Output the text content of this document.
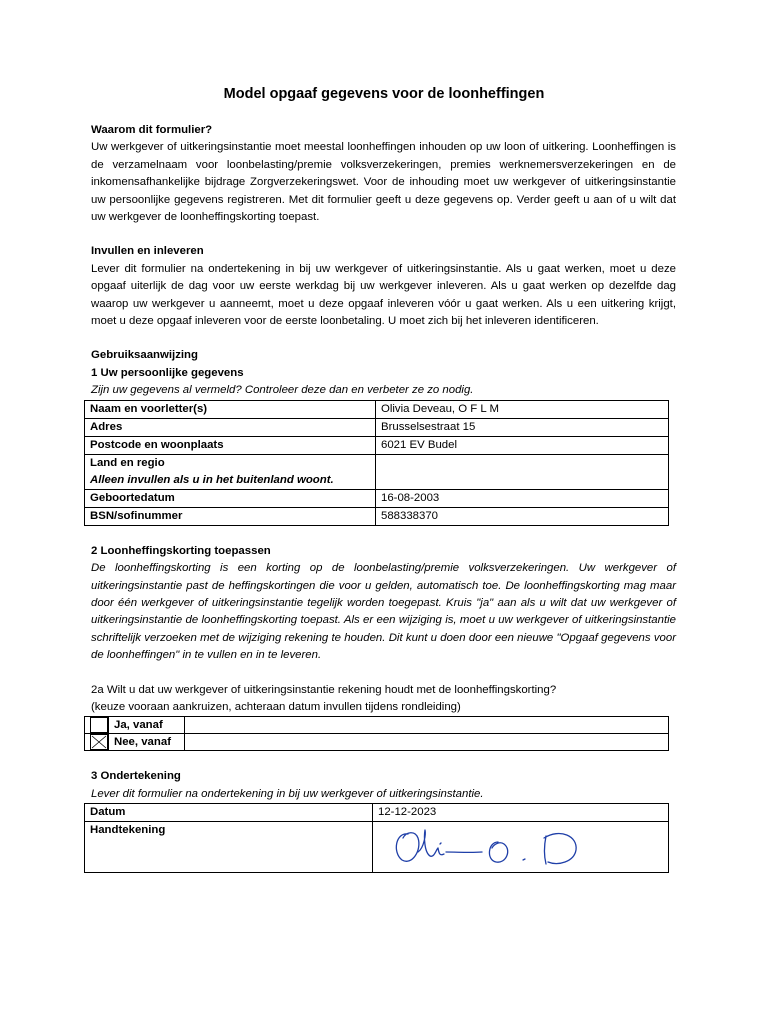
Model opgaaf gegevens voor de loonheffingen

Waarom dit formulier?

Uw werkgever of uitkeringsinstantie moet meestal loonheffingen inhouden op uw loon of uitkering. Loonheffingen is de verzamelnaam voor loonbelasting/premie volksverzekeringen, premies werknemersverzekeringen en de inkomensafhankelijke bijdrage Zorgverzekeringswet. Voor de inhouding moet uw werkgever of uitkeringsinstantie uw persoonlijke gegevens registreren. Met dit formulier geeft u deze gegevens op. Verder geeft u aan of u wilt dat uw werkgever de loonheffingskorting toepast.

Invullen en inleveren

Lever dit formulier na ondertekening in bij uw werkgever of uitkeringsinstantie. Als u gaat werken, moet u deze opgaaf uiterlijk de dag voor uw eerste werkdag bij uw werkgever inleveren. Als u gaat werken op dezelfde dag waarop uw werkgever u aanneemt, moet u deze opgaaf inleveren vóór u gaat werken. Als u een uitkering krijgt, moet u deze opgaaf inleveren voor de eerste loonbetaling. U moet zich bij het inleveren identificeren.

Gebruiksaanwijzing

1 Uw persoonlijke gegevens

Zijn uw gegevens al vermeld? Controleer deze dan en verbeter ze zo nodig.

Naam en voorletter(s)	Olivia Deveau, O F L M
Adres	Brusselsestraat 15
Postcode en woonplaats	6021 EV Budel

Land en regio
Alleen invullen als u in het buitenland woont.	

Geboortedatum	16-08-2003
BSN/sofinummer	588338370

2 Loonheffingskorting toepassen

De loonheffingskorting is een korting op de loonbelasting/premie volksverzekeringen. Uw werkgever of uitkeringsinstantie past de heffingskortingen die voor u gelden, automatisch toe. De loonheffingskorting mag maar door één werkgever of uitkeringsinstantie tegelijk worden toegepast. Kruis "ja" aan als u wilt dat uw werkgever of uitkeringsinstantie de loonheffingskorting toepast. Als er een wijziging is, moet u uw werkgever of uitkeringsinstantie schriftelijk verzoeken met de wijziging rekening te houden. Dit kunt u doen door een nieuwe "Opgaaf gegevens voor de loonheffingen" in te vullen en in te leveren.

2a Wilt u dat uw werkgever of uitkeringsinstantie rekening houdt met de loonheffingskorting?

(keuze vooraan aankruizen, achteraan datum invullen tijdens rondleiding)

	Ja, vanaf	

	Nee, vanaf	

3 Ondertekening

Lever dit formulier na ondertekening in bij uw werkgever of uitkeringsinstantie.

Datum	12-12-2023
Handtekening	
